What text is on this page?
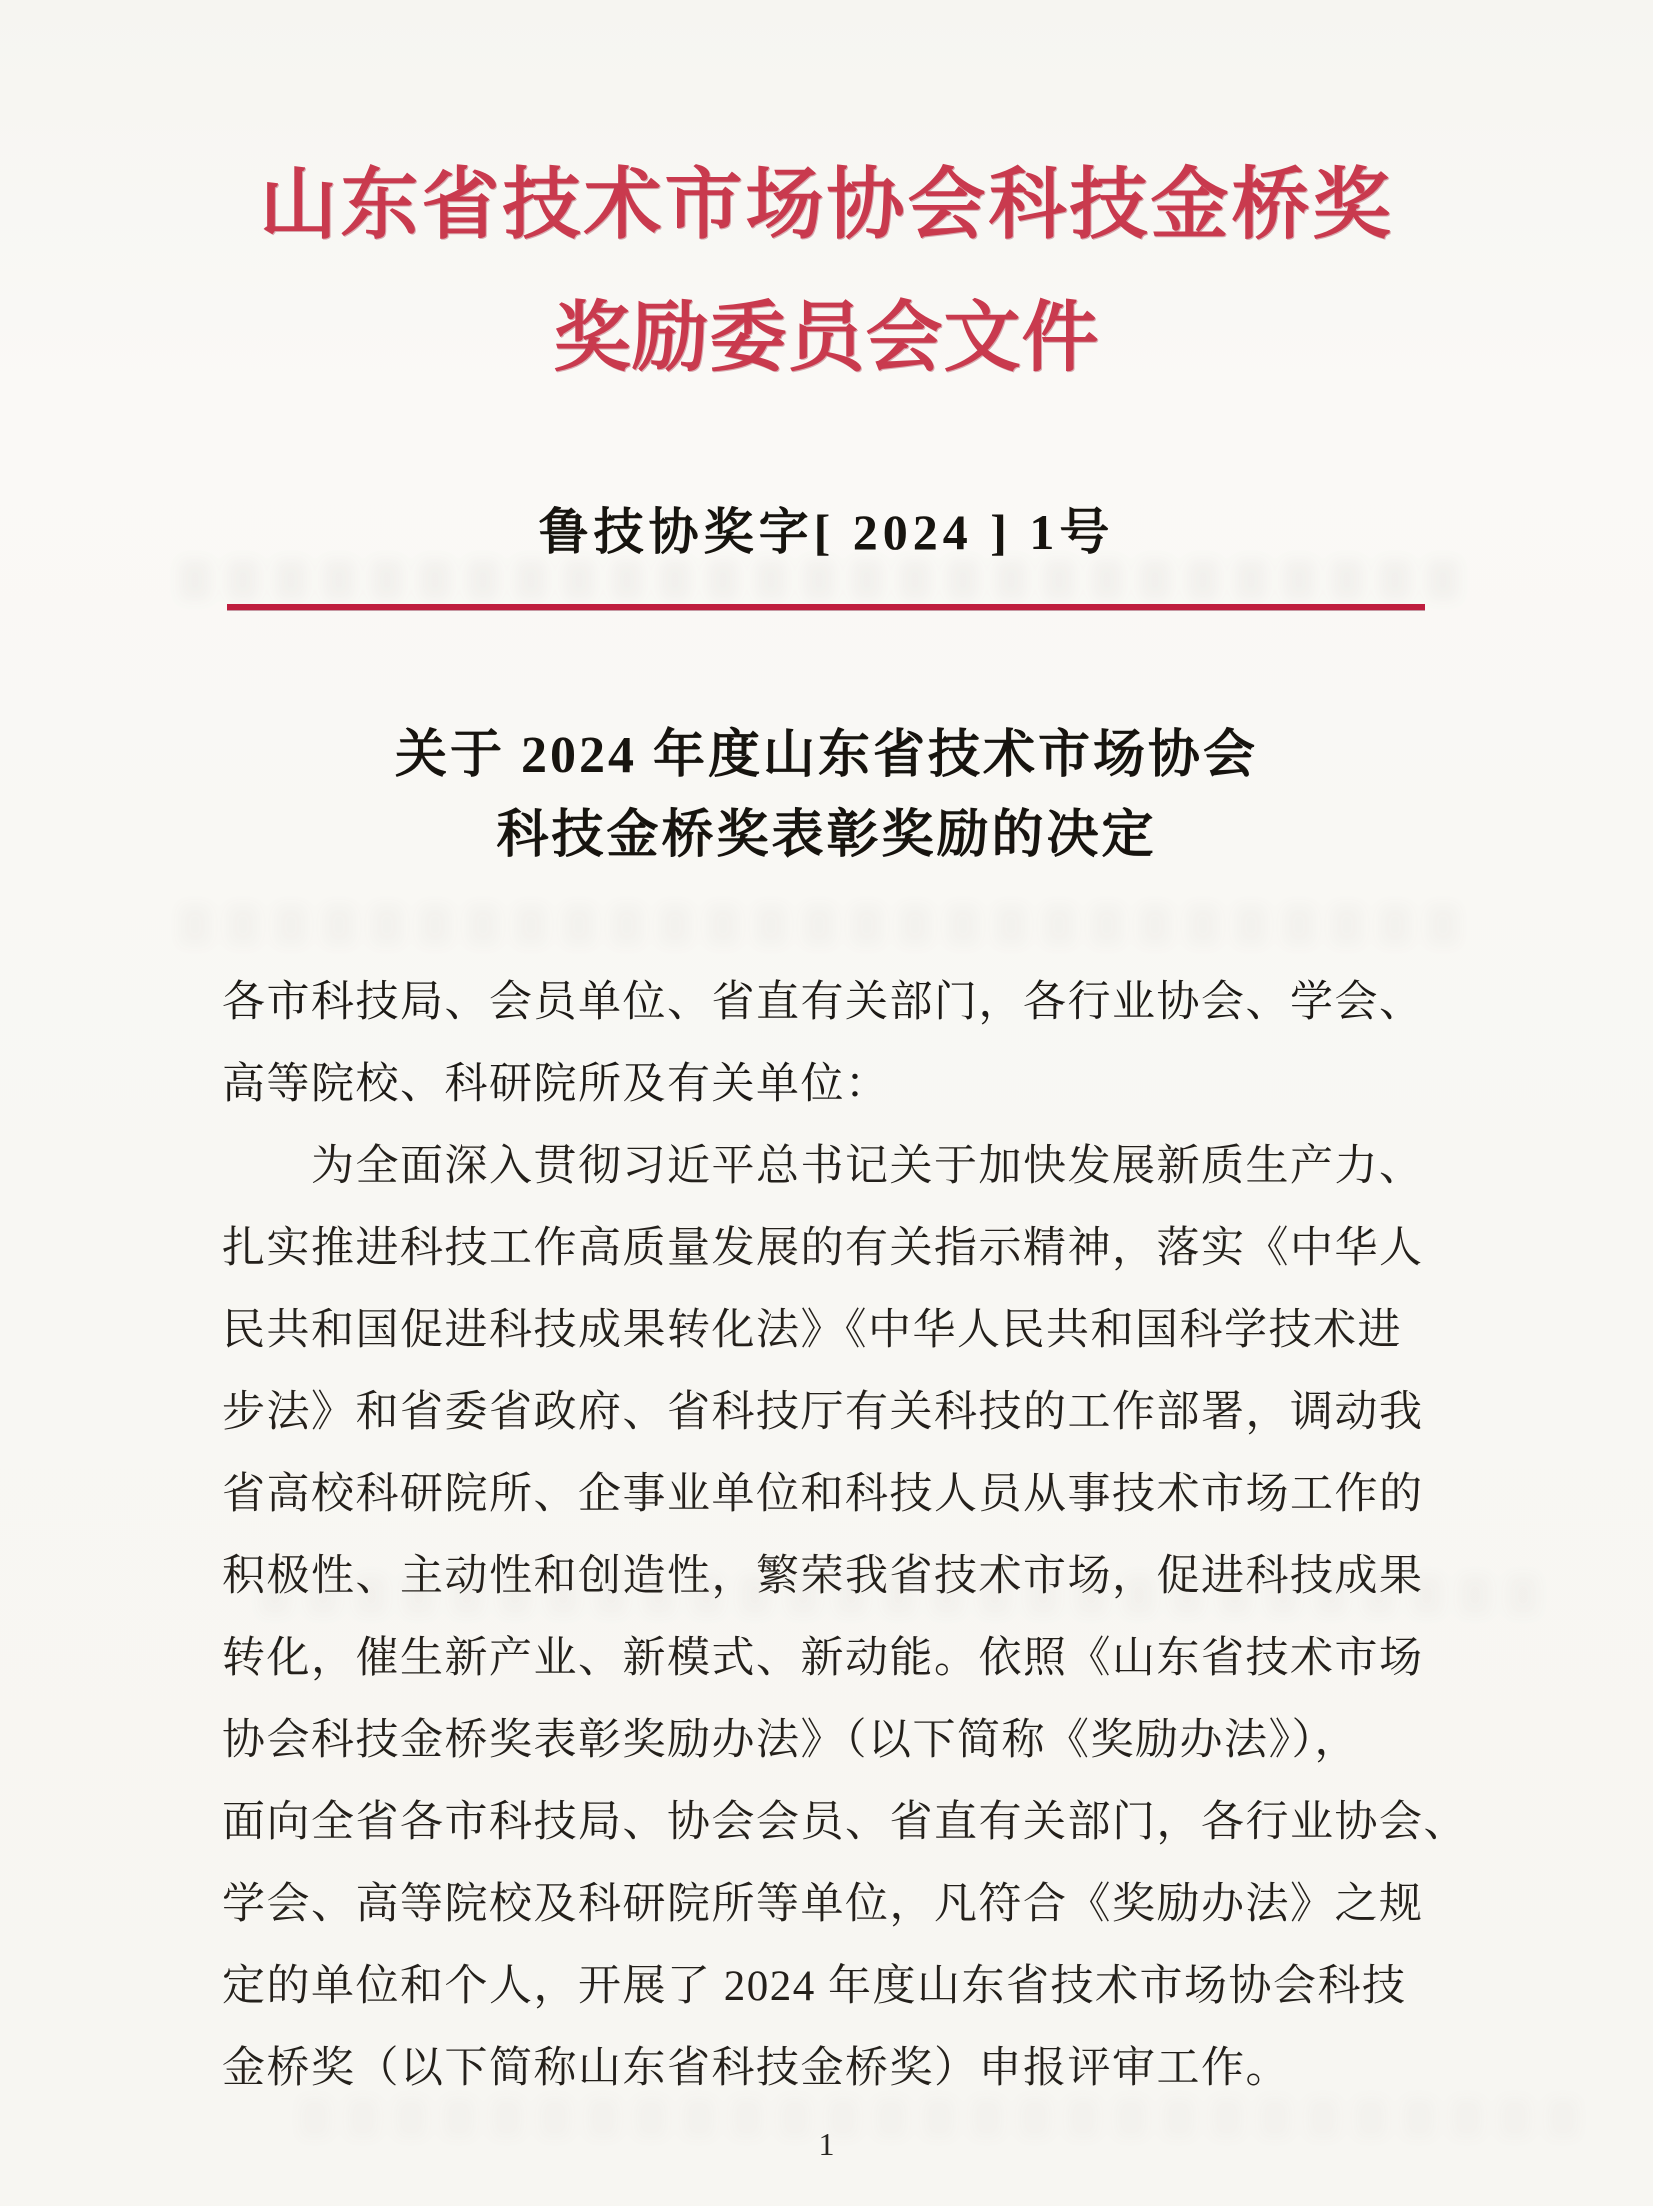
山东省技术市场协会科技金桥奖
奖励委员会文件
鲁技协奖字[ 2024 ] 1号
关于 2024 年度山东省技术市场协会
科技金桥奖表彰奖励的决定
各市科技局、会员单位、省直有关部门，各行业协会、学会、
高等院校、科研院所及有关单位：
　　为全面深入贯彻习近平总书记关于加快发展新质生产力、
扎实推进科技工作高质量发展的有关指示精神，落实《中华人
民共和国促进科技成果转化法》《中华人民共和国科学技术进
步法》和省委省政府、省科技厅有关科技的工作部署，调动我
省高校科研院所、企事业单位和科技人员从事技术市场工作的
积极性、主动性和创造性，繁荣我省技术市场，促进科技成果
转化，催生新产业、新模式、新动能。依照《山东省技术市场
协会科技金桥奖表彰奖励办法》（以下简称《奖励办法》），
面向全省各市科技局、协会会员、省直有关部门，各行业协会、
学会、高等院校及科研院所等单位，凡符合《奖励办法》之规
定的单位和个人，开展了 2024 年度山东省技术市场协会科技
金桥奖（以下简称山东省科技金桥奖）申报评审工作。
1
